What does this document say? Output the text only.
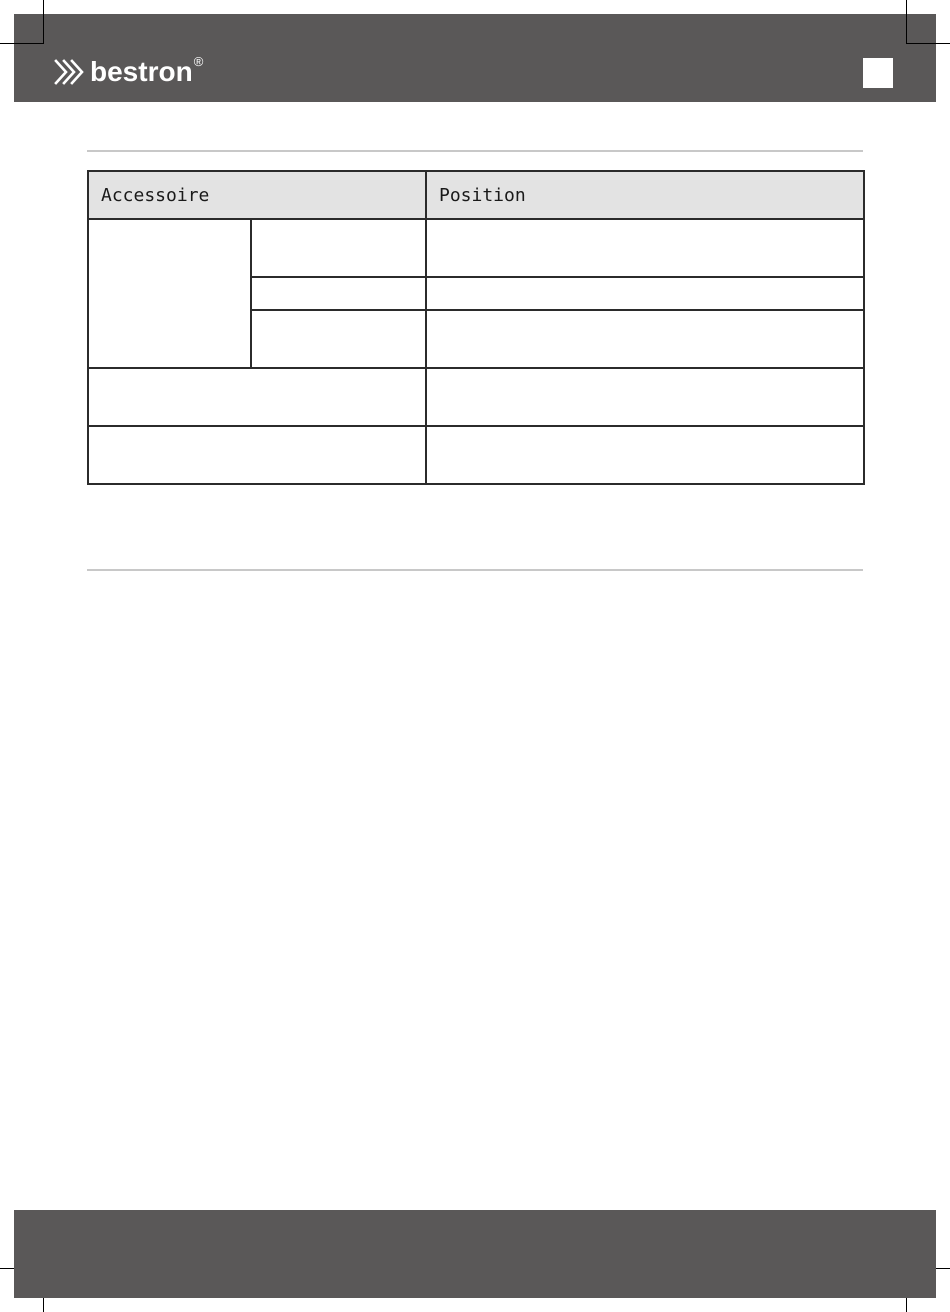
bestron ®
Accessoire		Position
